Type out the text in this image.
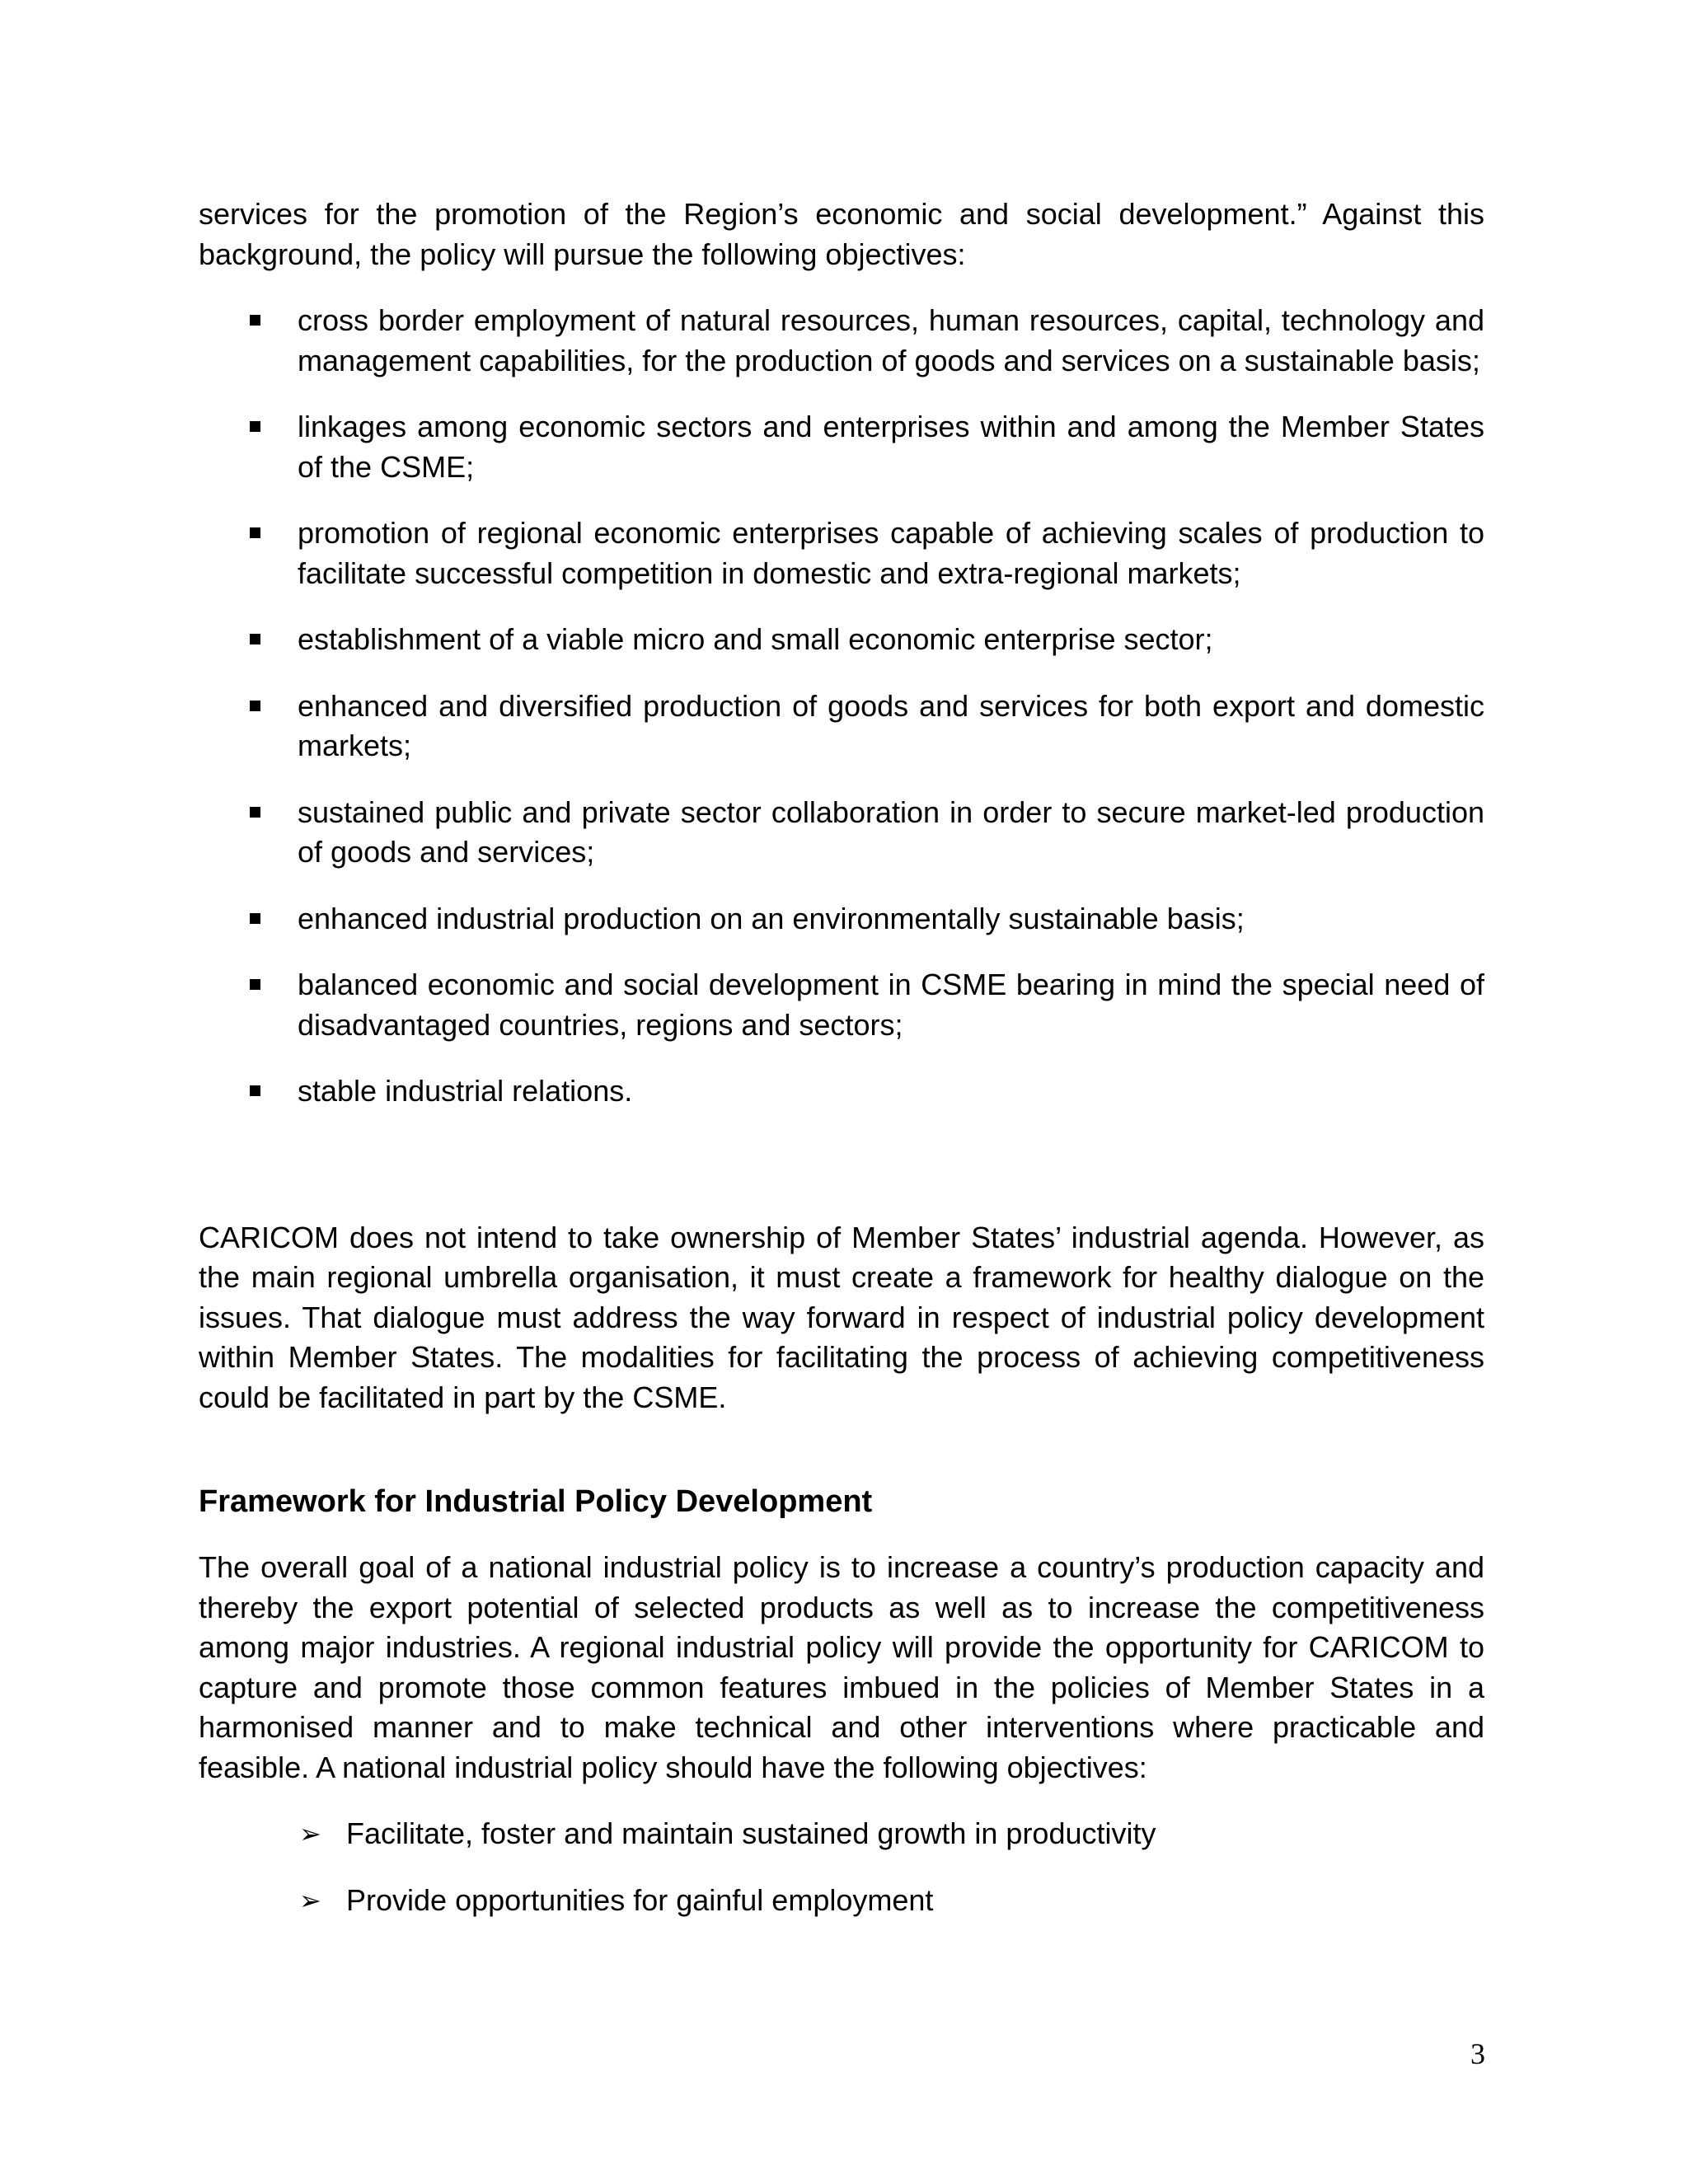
services for the promotion of the Region’s economic and social development.” Against this background, the policy will pursue the following objectives:

cross border employment of natural resources, human resources, capital, technology and management capabilities, for the production of goods and services on a sustainable basis;
linkages among economic sectors and enterprises within and among the Member States of the CSME;
promotion of regional economic enterprises capable of achieving scales of production to facilitate successful competition in domestic and extra-regional markets;
establishment of a viable micro and small economic enterprise sector;
enhanced and diversified production of goods and services for both export and domestic markets;
sustained public and private sector collaboration in order to secure market-led production of goods and services;
enhanced industrial production on an environmentally sustainable basis;
balanced economic and social development in CSME bearing in mind the special need of disadvantaged countries, regions and sectors;
stable industrial relations.

CARICOM does not intend to take ownership of Member States’ industrial agenda. However, as the main regional umbrella organisation, it must create a framework for healthy dialogue on the issues. That dialogue must address the way forward in respect of industrial policy development within Member States. The modalities for facilitating the process of achieving competitiveness could be facilitated in part by the CSME.

Framework for Industrial Policy Development

The overall goal of a national industrial policy is to increase a country’s production capacity and thereby the export potential of selected products as well as to increase the competitiveness among major industries. A regional industrial policy will provide the opportunity for CARICOM to capture and promote those common features imbued in the policies of Member States in a harmonised manner and to make technical and other interventions where practicable and feasible. A national industrial policy should have the following objectives:

➢ Facilitate, foster and maintain sustained growth in productivity
➢ Provide opportunities for gainful employment
3
